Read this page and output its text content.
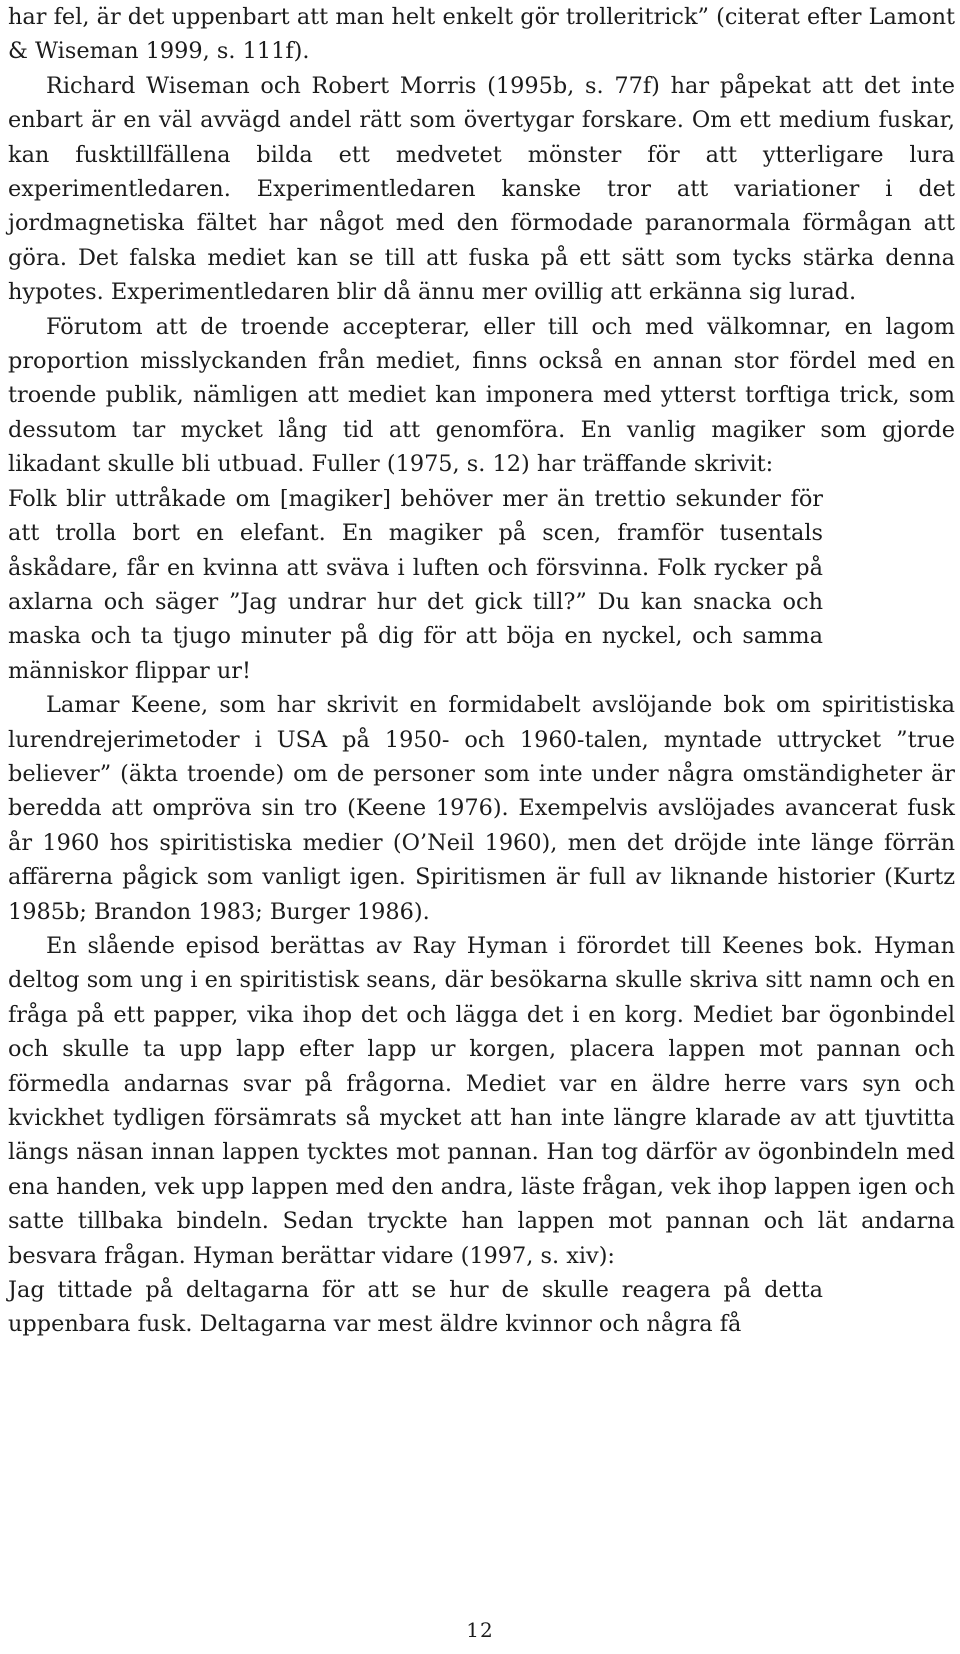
har fel, är det uppenbart att man helt enkelt gör trolleritrick” (citerat efter Lamont & Wiseman 1999, s. 111f).

Richard Wiseman och Robert Morris (1995b, s. 77f) har påpekat att det inte enbart är en väl avvägd andel rätt som övertygar forskare. Om ett medium fuskar, kan fusktillfällena bilda ett medvetet mönster för att ytterligare lura experimentledaren. Experimentledaren kanske tror att variationer i det jordmagnetiska fältet har något med den förmodade paranormala förmågan att göra. Det falska mediet kan se till att fuska på ett sätt som tycks stärka denna hypotes. Experimentledaren blir då ännu mer ovillig att erkänna sig lurad.

Förutom att de troende accepterar, eller till och med välkomnar, en lagom proportion misslyckanden från mediet, finns också en annan stor fördel med en troende publik, nämligen att mediet kan imponera med ytterst torftiga trick, som dessutom tar mycket lång tid att genomföra. En vanlig magiker som gjorde likadant skulle bli utbuad. Fuller (1975, s. 12) har träffande skrivit:

Folk blir uttråkade om [magiker] behöver mer än trettio sekunder för att trolla bort en elefant. En magiker på scen, framför tusentals åskådare, får en kvinna att sväva i luften och försvinna. Folk rycker på axlarna och säger ”Jag undrar hur det gick till?” Du kan snacka och maska och ta tjugo minuter på dig för att böja en nyckel, och samma människor flippar ur!

Lamar Keene, som har skrivit en formidabelt avslöjande bok om spiritistiska lurendrejerimetoder i USA på 1950- och 1960-talen, myntade uttrycket ”true believer” (äkta troende) om de personer som inte under några omständigheter är beredda att ompröva sin tro (Keene 1976). Exempelvis avslöjades avancerat fusk år 1960 hos spiritistiska medier (O’Neil 1960), men det dröjde inte länge förrän affärerna pågick som vanligt igen. Spiritismen är full av liknande historier (Kurtz 1985b; Brandon 1983; Burger 1986).

En slående episod berättas av Ray Hyman i förordet till Keenes bok. Hyman deltog som ung i en spiritistisk seans, där besökarna skulle skriva sitt namn och en fråga på ett papper, vika ihop det och lägga det i en korg. Mediet bar ögonbindel och skulle ta upp lapp efter lapp ur korgen, placera lappen mot pannan och förmedla andarnas svar på frågorna. Mediet var en äldre herre vars syn och kvickhet tydligen försämrats så mycket att han inte längre klarade av att tjuvtitta längs näsan innan lappen tycktes mot pannan. Han tog därför av ögonbindeln med ena handen, vek upp lappen med den andra, läste frågan, vek ihop lappen igen och satte tillbaka bindeln. Sedan tryckte han lappen mot pannan och lät andarna besvara frågan. Hyman berättar vidare (1997, s. xiv):

Jag tittade på deltagarna för att se hur de skulle reagera på detta uppenbara fusk. Deltagarna var mest äldre kvinnor och några få

12
